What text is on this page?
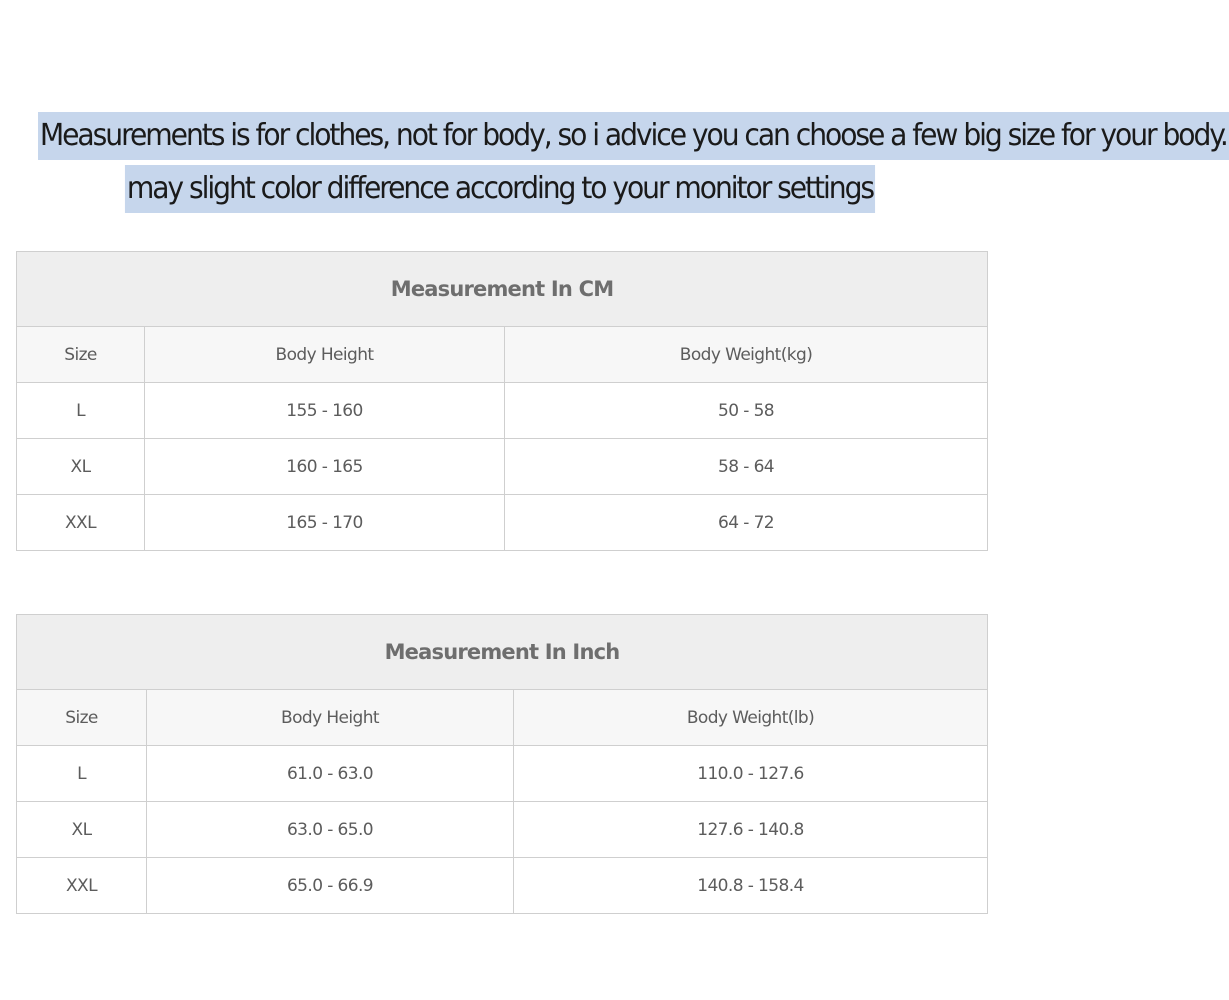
Measurements is for clothes, not for body, so i advice you can choose a few big size for your body.
may slight color difference according to your monitor settings
Measurement In CM		
Size	Body Height	Body Weight(kg)
L	155 - 160	50 - 58
XL	160 - 165	58 - 64
XXL	165 - 170	64 - 72
Measurement In Inch		
Size	Body Height	Body Weight(lb)
L	61.0 - 63.0	110.0 - 127.6
XL	63.0 - 65.0	127.6 - 140.8
XXL	65.0 - 66.9	140.8 - 158.4
